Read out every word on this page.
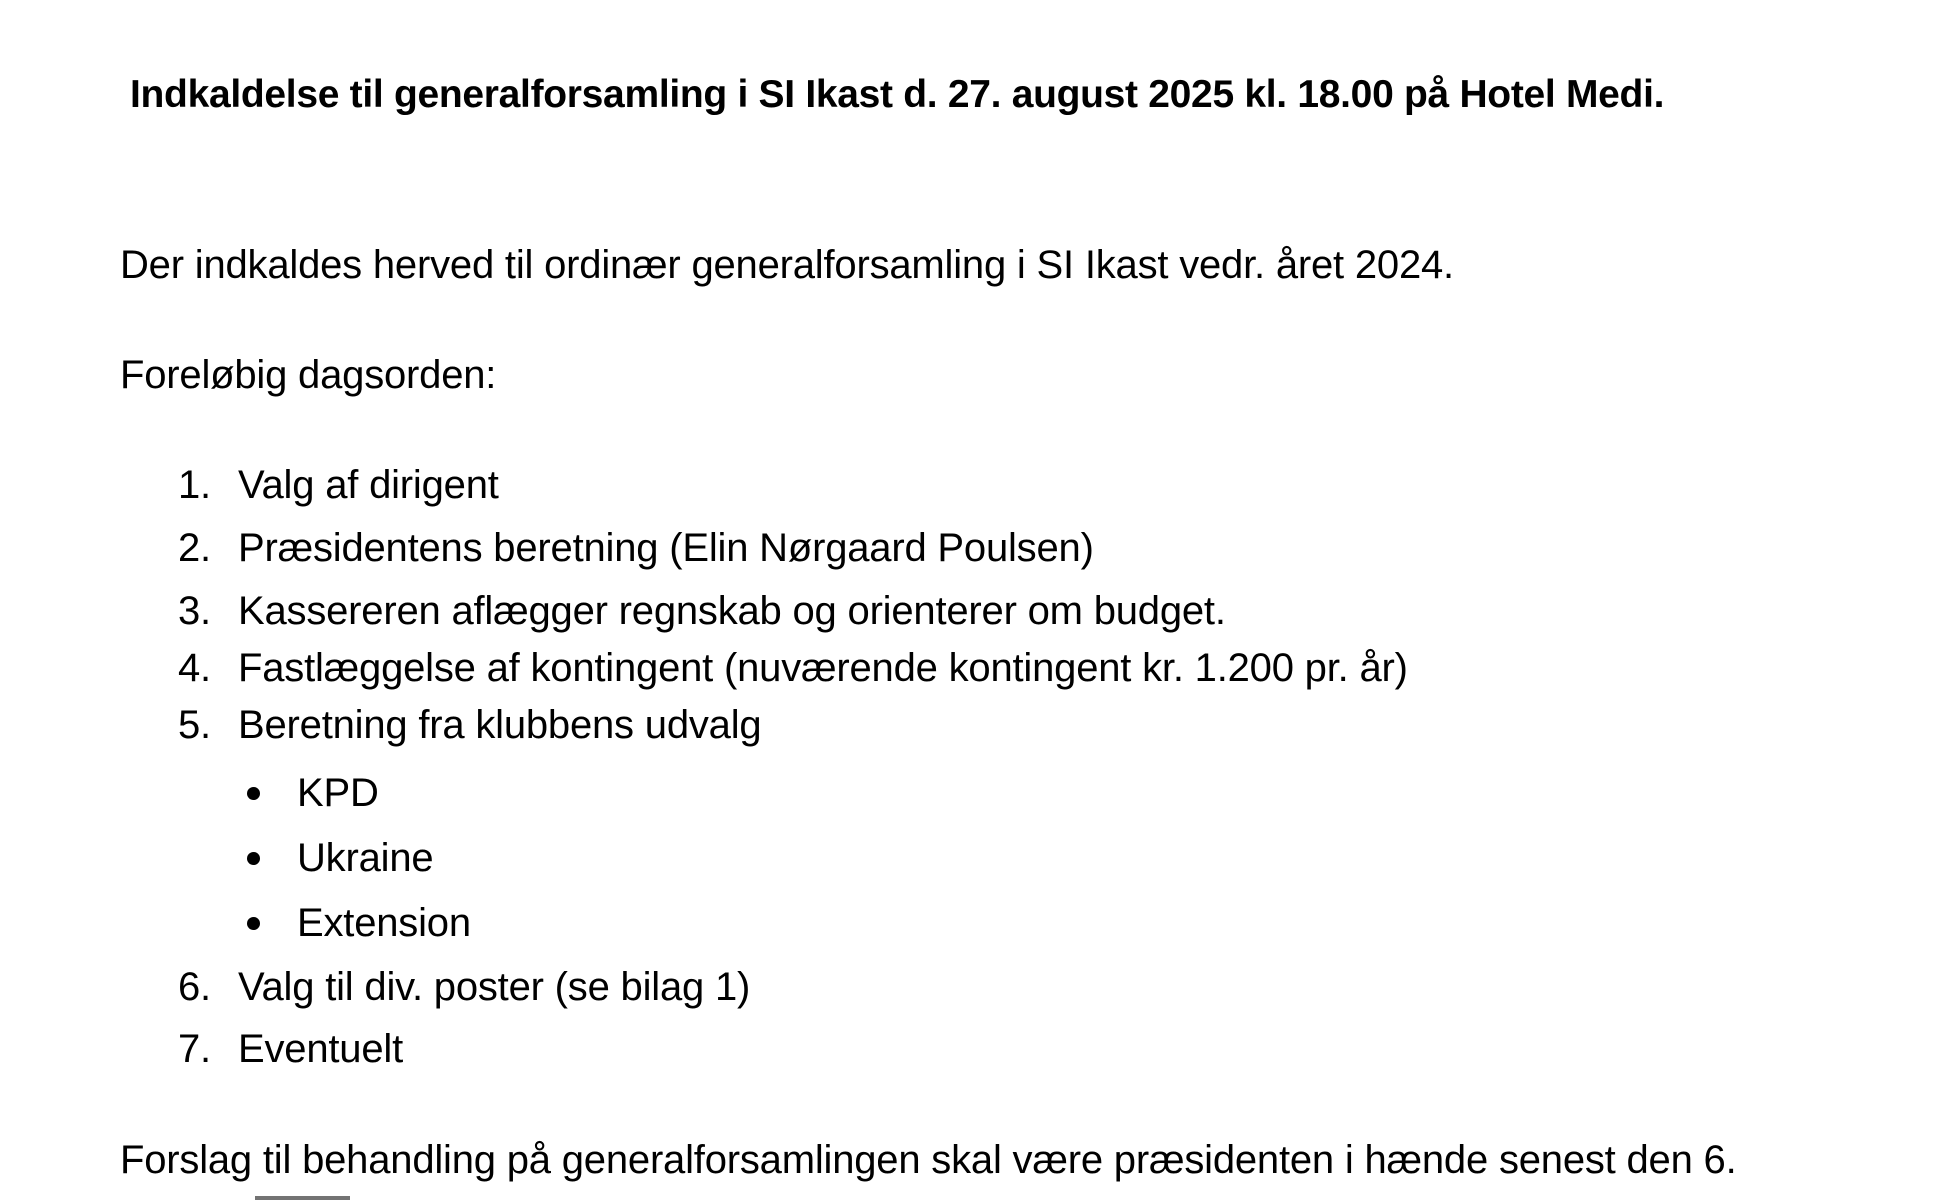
Indkaldelse til generalforsamling i SI Ikast d. 27. august 2025 kl. 18.00 på Hotel Medi.
Der indkaldes herved til ordinær generalforsamling i SI Ikast vedr. året 2024.
Foreløbig dagsorden:
1. Valg af dirigent
2. Præsidentens beretning (Elin Nørgaard Poulsen)
3. Kassereren aflægger regnskab og orienterer om budget.
4. Fastlæggelse af kontingent (nuværende kontingent kr. 1.200 pr. år)
5. Beretning fra klubbens udvalg
KPD
Ukraine
Extension
6. Valg til div. poster (se bilag 1)
7. Eventuelt
Forslag til behandling på generalforsamlingen skal være præsidenten i hænde senest den 6.
